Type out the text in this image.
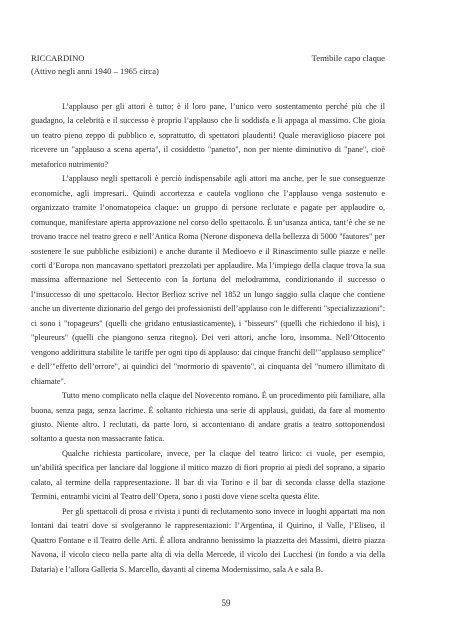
RICCARDINO
(Attivo negli anni 1940 – 1965 circa)
Temibile capo claque

L’applauso per gli attori è tutto; è il loro pane, l’unico vero sostentamento perché più che il guadagno, la celebrità e il successo è proprio l’applauso che li soddisfa e li appaga al massimo. Che gioia un teatro pieno zeppo di pubblico e, soprattutto, di spettatori plaudenti! Quale meraviglioso piacere poi ricevere un "applauso a scena aperta", il cosiddetto "panetto", non per niente diminutivo di "pane", cioè metaforico nutrimento?

L’applauso negli spettacoli è perciò indispensabile agli attori ma anche, per le sue conseguenze economiche, agli impresari.. Quindi accortezza e cautela vogliono che l’applauso venga sostenuto e organizzato tramite l’onomatopeica claque: un gruppo di persone reclutate e pagate per applaudire o, comunque, manifestare aperta approvazione nel corso dello spettacolo. È un’usanza antica, tant’è che se ne trovano tracce nel teatro greco e nell’Antica Roma (Nerone disponeva della bellezza di 5000 "fautores" per sostenere le sue pubbliche esibizioni) e anche durante il Medioevo e il Rinascimento sulle piazze e nelle corti d’Europa non mancavano spettatori prezzolati per applaudire. Ma l’impiego della claque trova la sua massima affermazione nel Settecento con la fortuna del melodramma, condizionando il successo o l’insuccesso di uno spettacolo. Hector Berlioz scrive nel 1852 un lungo saggio sulla claque che contiene anche un divertente dizionario del gergo dei professionisti dell’applauso con le differenti "specializzazioni": ci sono i "topageurs" (quelli che gridano entusiasticamente), i "bisseurs" (quelli che richiedono il bis), i "pleureurs" (quelli che piangono senza ritegno). Dei veri attori, anche loro, insomma. Nell’Ottocento vengono addirittura stabilite le tariffe per ogni tipo di applauso: dai cinque franchi dell’"applauso semplice" e dell’"effetto dell’orrore", ai quindici del "mormorio di spavento", ai cinquanta del "numero illimitato di chiamate".

Tutto meno complicato nella claque del Novecento romano. È un procedimento più familiare, alla buona, senza paga, senza lacrime. È soltanto richiesta una serie di applausi, guidati, da fare al momento giusto. Niente altro. I reclutati, da parte loro, si accontentano di andare gratis a teatro sottoponendosi soltanto a questa non massacrante fatica.

Qualche richiesta particolare, invece, per la claque del teatro lirico: ci vuole, per esempio, un’abilità specifica per lanciare dal loggione il mitico mazzo di fiori proprio ai piedi del soprano, a sipario calato, al termine della rappresentazione. Il bar di via Torino e il bar di seconda classe della stazione Termini, entrambi vicini al Teatro dell’Opera, sono i posti dove viene scelta questa élite.

Per gli spettacoli di prosa e rivista i punti di reclutamento sono invece in luoghi appartati ma non lontani dai teatri dove si svolgeranno le rappresentazioni: l’Argentina, il Quirino, il Valle, l’Eliseo, il Quattro Fontane e il Teatro delle Arti. È allora andranno benissimo la piazzetta dei Massimi, dietro piazza Navona, il vicolo cieco nella parte alta di via della Mercede, il vicolo dei Lucchesi (in fondo a via della Dataria) e l’allora Galleria S. Marcello, davanti al cinema Modernissimo, sala A e sala B.

59
